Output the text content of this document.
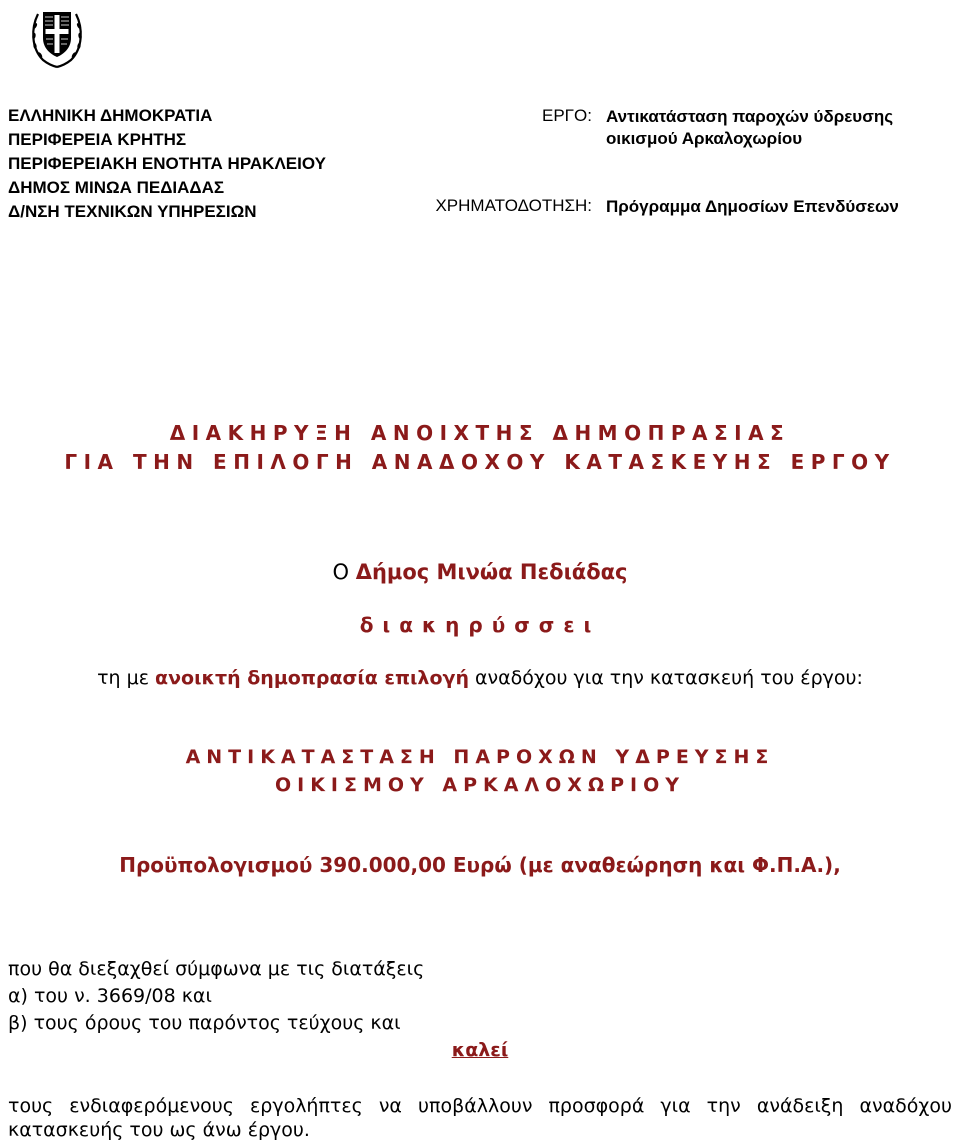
ΕΛΛΗΝΙΚΗ ΔΗΜΟΚΡΑΤΙΑ
ΠΕΡΙΦΕΡΕΙΑ ΚΡΗΤΗΣ
ΠΕΡΙΦΕΡΕΙΑΚΗ ΕΝΟΤΗΤΑ ΗΡΑΚΛΕΙΟΥ
ΔΗΜΟΣ ΜΙΝΩΑ ΠΕΔΙΑΔΑΣ
Δ/ΝΣΗ ΤΕΧΝΙΚΩΝ ΥΠΗΡΕΣΙΩΝ
ΕΡΓΟ: Αντικατάσταση παροχών ύδρευσης
οικισμού Αρκαλοχωρίου
ΧΡΗΜΑΤΟΔΟΤΗΣΗ: Πρόγραμμα Δημοσίων Επενδύσεων
ΔΙΑΚΗΡΥΞΗ ΑΝΟΙΧΤΗΣ ΔΗΜΟΠΡΑΣΙΑΣ
ΓΙΑ ΤΗΝ ΕΠΙΛΟΓΗ ΑΝΑΔΟΧΟΥ ΚΑΤΑΣΚΕΥΗΣ ΕΡΓΟΥ
Ο Δήμος Μινώα Πεδιάδας
διακηρύσσει
τη με ανοικτή δημοπρασία επιλογή αναδόχου για την κατασκευή του έργου:
ΑΝΤΙΚΑΤΑΣΤΑΣΗ ΠΑΡΟΧΩΝ ΥΔΡΕΥΣΗΣ
ΟΙΚΙΣΜΟΥ ΑΡΚΑΛΟΧΩΡΙΟΥ
Προϋπολογισμού 390.000,00 Ευρώ (με αναθεώρηση και Φ.Π.Α.),
που θα διεξαχθεί σύμφωνα με τις διατάξεις
α) του ν. 3669/08 και
β) τους όρους του παρόντος τεύχους και
καλεί
τους ενδιαφερόμενους εργολήπτες να υποβάλλουν προσφορά για την ανάδειξη αναδόχου κατασκευής του ως άνω έργου.
